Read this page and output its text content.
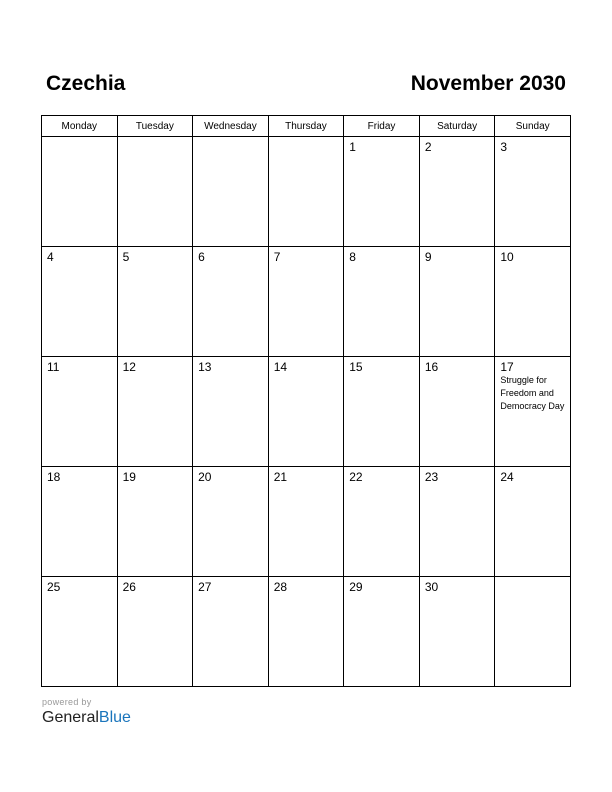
Czechia	November 2030
Monday	Tuesday	Wednesday	Thursday	Friday	Saturday	Sunday

				1	2	3

4	5	6	7	8	9	10

11	12	13	14	15	16	17
Struggle for Freedom and Democracy Day

18	19	20	21	22	23	24

25	26	27	28	29	30	

powered by
GeneralBlue
